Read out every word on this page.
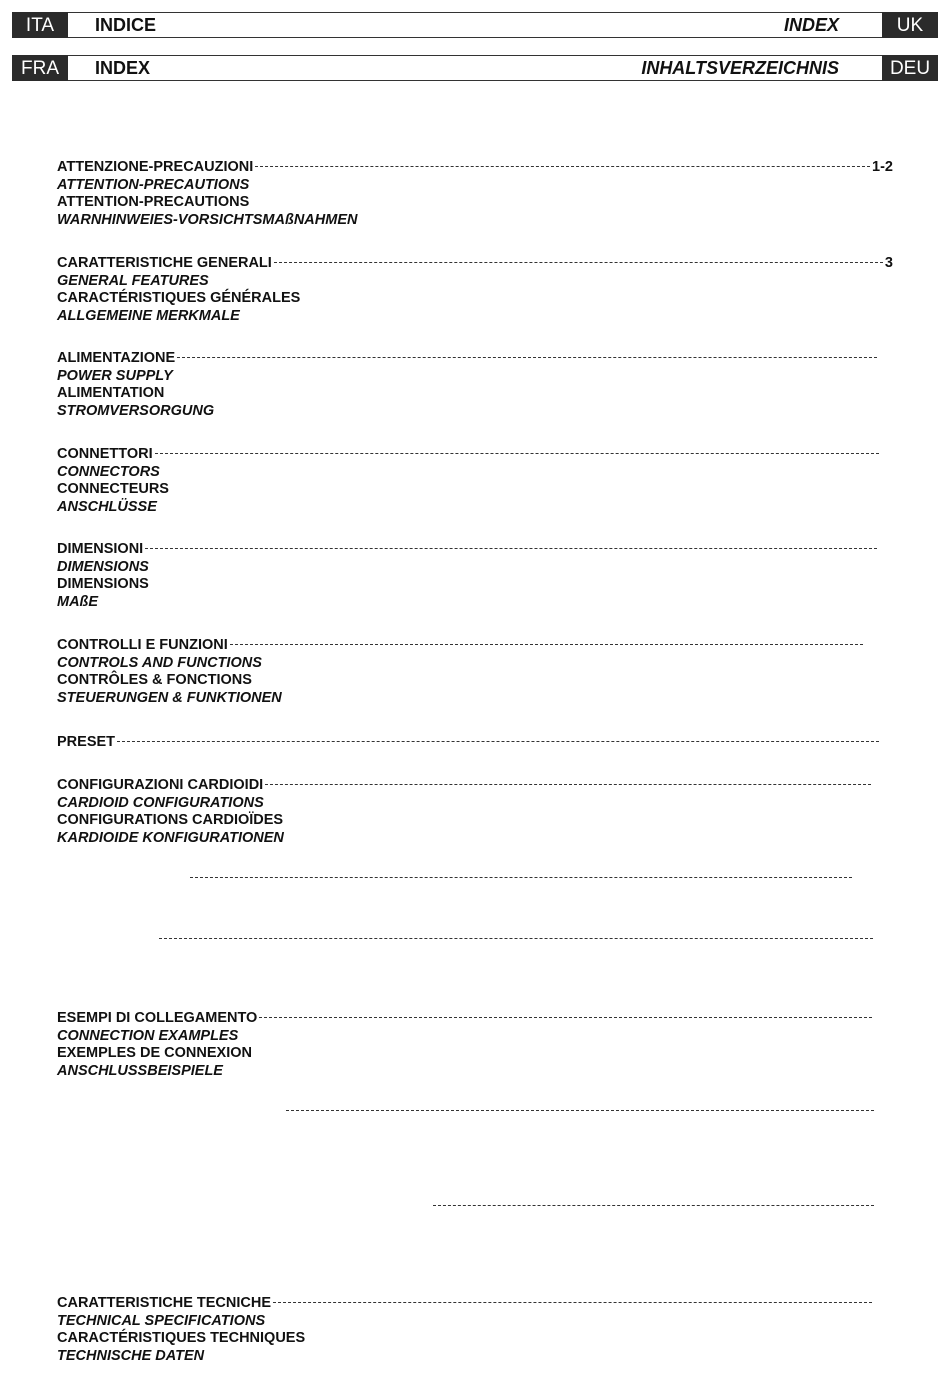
ITA	INDICE	INDEX	UK
FRA	INDEX	INHALTSVERZEICHNIS	DEU
ATTENZIONE-PRECAUZIONI	1-2
ATTENTION-PRECAUTIONS
ATTENTION-PRECAUTIONS
WARNHINWEIES-VORSICHTSMAßNAHMEN
CARATTERISTICHE GENERALI	3
GENERAL FEATURES
CARACTÉRISTIQUES GÉNÉRALES
ALLGEMEINE MERKMALE
ALIMENTAZIONE
POWER SUPPLY
ALIMENTATION
STROMVERSORGUNG
CONNETTORI
CONNECTORS
CONNECTEURS
ANSCHLÜSSE
DIMENSIONI
DIMENSIONS
DIMENSIONS
MAßE
CONTROLLI E FUNZIONI
CONTROLS AND FUNCTIONS
CONTRÔLES & FONCTIONS
STEUERUNGEN & FUNKTIONEN
PRESET
CONFIGURAZIONI CARDIOIDI
CARDIOID CONFIGURATIONS
CONFIGURATIONS CARDIOÏDES
KARDIOIDE KONFIGURATIONEN
ESEMPI DI COLLEGAMENTO
CONNECTION EXAMPLES
EXEMPLES DE CONNEXION
ANSCHLUSSBEISPIELE
CARATTERISTICHE TECNICHE
TECHNICAL SPECIFICATIONS
CARACTÉRISTIQUES TECHNIQUES
TECHNISCHE DATEN
